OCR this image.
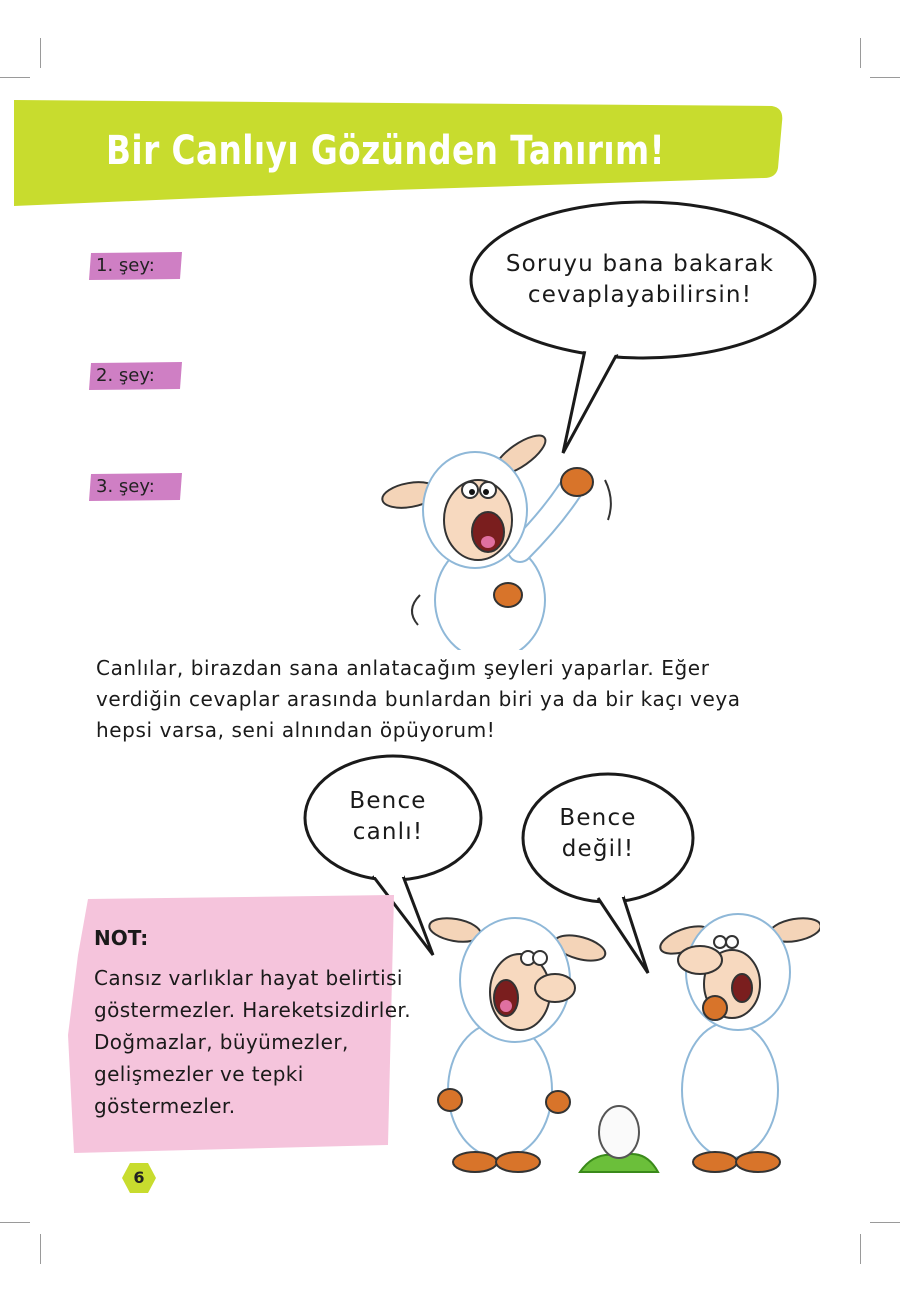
Bir Canlıyı Gözünden Tanırım!
1. şey:
2. şey:
3. şey:
Soruyu bana bakarak
cevaplayabilirsin!
Canlılar, birazdan sana anlatacağım şeyleri yaparlar. Eğer verdiğin cevaplar arasında bunlardan biri ya da bir kaçı veya hepsi varsa, seni alnından öpüyorum!
Bence
canlı!
Bence
değil!
NOT:
Cansız varlıklar hayat belirtisi göstermezler. Hareketsizdirler. Doğmazlar, büyümezler, gelişmezler ve tepki göstermezler.
6
